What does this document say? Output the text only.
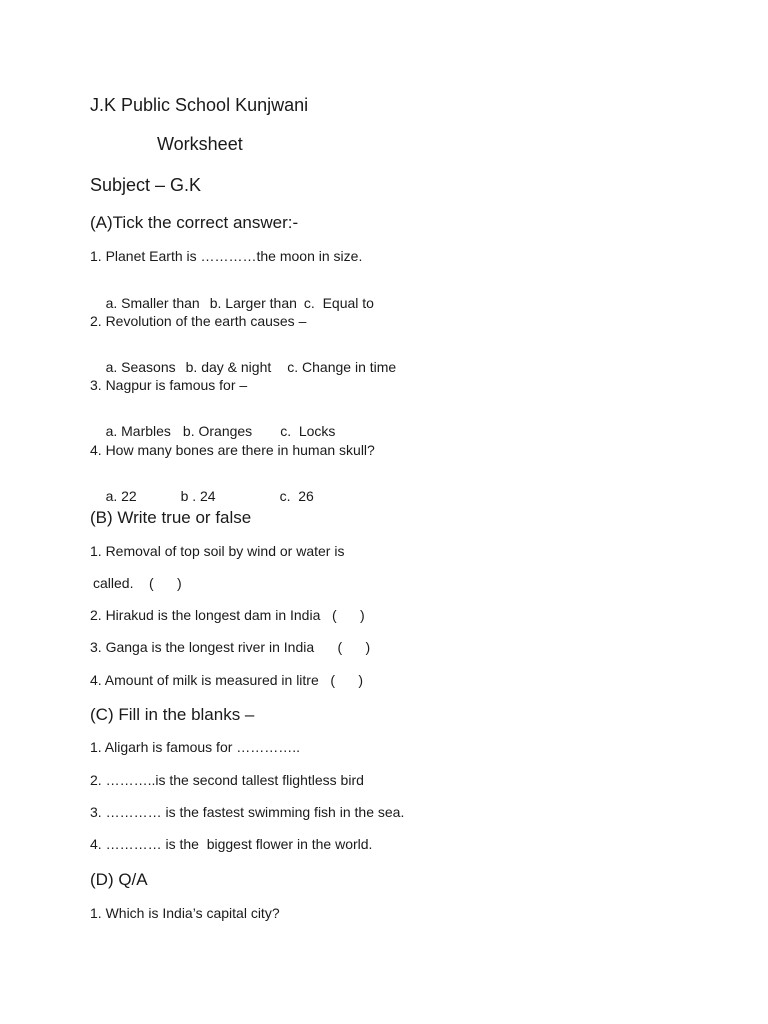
J.K Public School Kunjwani
Worksheet
Subject – G.K
(A)Tick the correct answer:-
1. Planet Earth is …………the moon in size.

a. Smaller than b. Larger than c.  Equal to

2. Revolution of the earth causes –

a. Seasons b. day & night c. Change in time

3. Nagpur is famous for –

a. Marbles b. Oranges c.  Locks

4. How many bones are there in human skull?

a. 22	b . 24	c.  26

(B) Write true or false
1. Removal of top soil by wind or water is
called.    (      )
2. Hirakud is the longest dam in India   (      )
3. Ganga is the longest river in India      (      )
4. Amount of milk is measured in litre   (      )
(C) Fill in the blanks –
1. Aligarh is famous for …………..
2. ………..is the second tallest flightless bird
3. ………… is the fastest swimming fish in the sea.
4. ………… is the  biggest flower in the world.
(D) Q/A
1. Which is India’s capital city?
